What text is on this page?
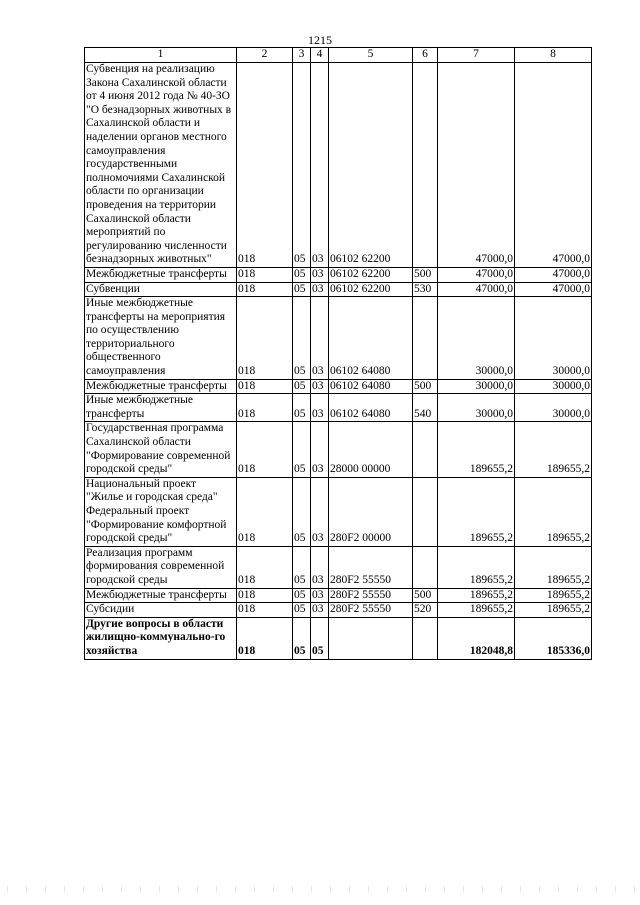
1215
1	2	3	4	5	6	7	8
Субвенция на реализацию Закона Сахалинской области от 4 июня 2012 года № 40-ЗО "О безнадзорных животных в Сахалинской области и наделении органов местного самоуправления государственными полномочиями Сахалинской области по организации проведения на территории Сахалинской области мероприятий по регулированию численности безнадзорных животных"	018	05	03	06102 62200		47000,0	47000,0
Межбюджетные трансферты	018	05	03	06102 62200	500	47000,0	47000,0
Субвенции	018	05	03	06102 62200	530	47000,0	47000,0
Иные межбюджетные трансферты на мероприятия по осуществлению территориального общественного самоуправления	018	05	03	06102 64080		30000,0	30000,0
Межбюджетные трансферты	018	05	03	06102 64080	500	30000,0	30000,0
Иные межбюджетные трансферты	018	05	03	06102 64080	540	30000,0	30000,0
Государственная программа Сахалинской области "Формирование современной городской среды"	018	05	03	28000 00000		189655,2	189655,2
Национальный проект "Жилье и городская среда" Федеральный проект "Формирование комфортной городской среды"	018	05	03	280F2 00000		189655,2	189655,2
Реализация программ формирования современной городской среды	018	05	03	280F2 55550		189655,2	189655,2
Межбюджетные трансферты	018	05	03	280F2 55550	500	189655,2	189655,2
Субсидии	018	05	03	280F2 55550	520	189655,2	189655,2
Другие вопросы в области жилищно-коммунально-го хозяйства	018	05	05			182048,8	185336,0
